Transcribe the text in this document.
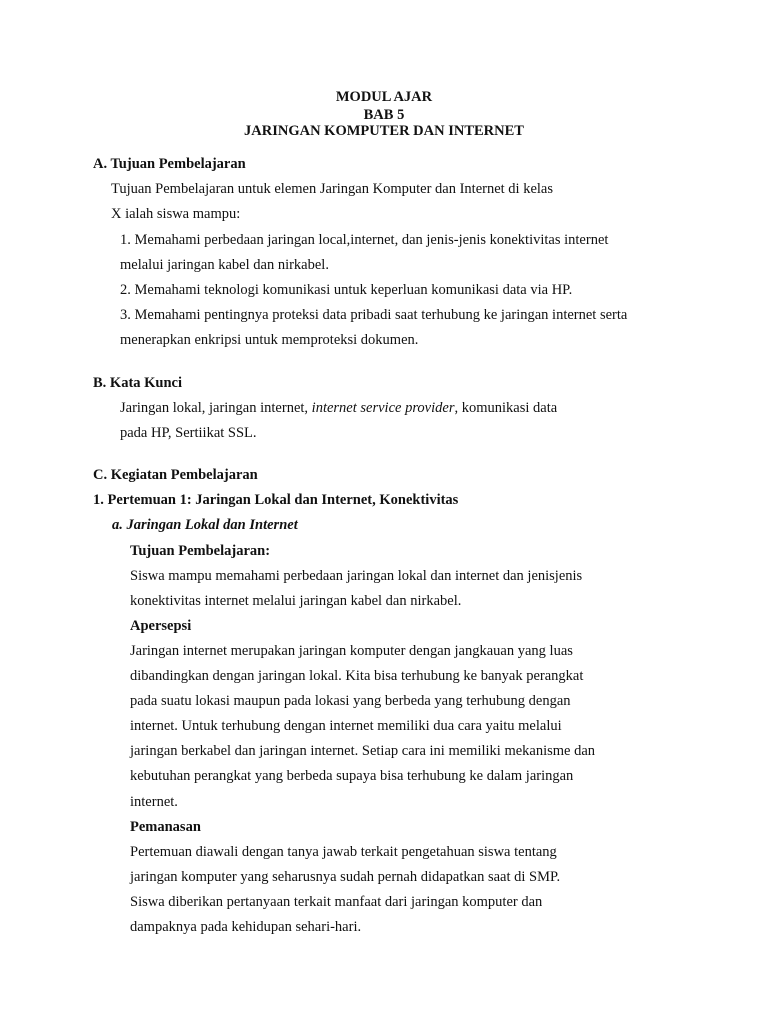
MODUL AJAR
BAB 5
JARINGAN KOMPUTER DAN INTERNET
A. Tujuan Pembelajaran
Tujuan Pembelajaran untuk elemen Jaringan Komputer dan Internet di kelas
X ialah siswa mampu:
1. Memahami perbedaan jaringan local,internet, dan jenis-jenis konektivitas internet
melalui jaringan kabel dan nirkabel.
2. Memahami teknologi komunikasi untuk keperluan komunikasi data via HP.
3. Memahami pentingnya proteksi data pribadi saat terhubung ke jaringan internet serta
menerapkan enkripsi untuk memproteksi dokumen.
B. Kata Kunci
Jaringan lokal, jaringan internet, internet service provider, komunikasi data
pada HP, Sertiikat SSL.
C. Kegiatan Pembelajaran
1. Pertemuan 1: Jaringan Lokal dan Internet, Konektivitas
a. Jaringan Lokal dan Internet
Tujuan Pembelajaran:
Siswa mampu memahami perbedaan jaringan lokal dan internet dan jenisjenis
konektivitas internet melalui jaringan kabel dan nirkabel.
Apersepsi
Jaringan internet merupakan jaringan komputer dengan jangkauan yang luas
dibandingkan dengan jaringan lokal. Kita bisa terhubung ke banyak perangkat
pada suatu lokasi maupun pada lokasi yang berbeda yang terhubung dengan
internet. Untuk terhubung dengan internet memiliki dua cara yaitu melalui
jaringan berkabel dan jaringan internet. Setiap cara ini memiliki mekanisme dan
kebutuhan perangkat yang berbeda supaya bisa terhubung ke dalam jaringan
internet.
Pemanasan
Pertemuan diawali dengan tanya jawab terkait pengetahuan siswa tentang
jaringan komputer yang seharusnya sudah pernah didapatkan saat di SMP.
Siswa diberikan pertanyaan terkait manfaat dari jaringan komputer dan
dampaknya pada kehidupan sehari-hari.
